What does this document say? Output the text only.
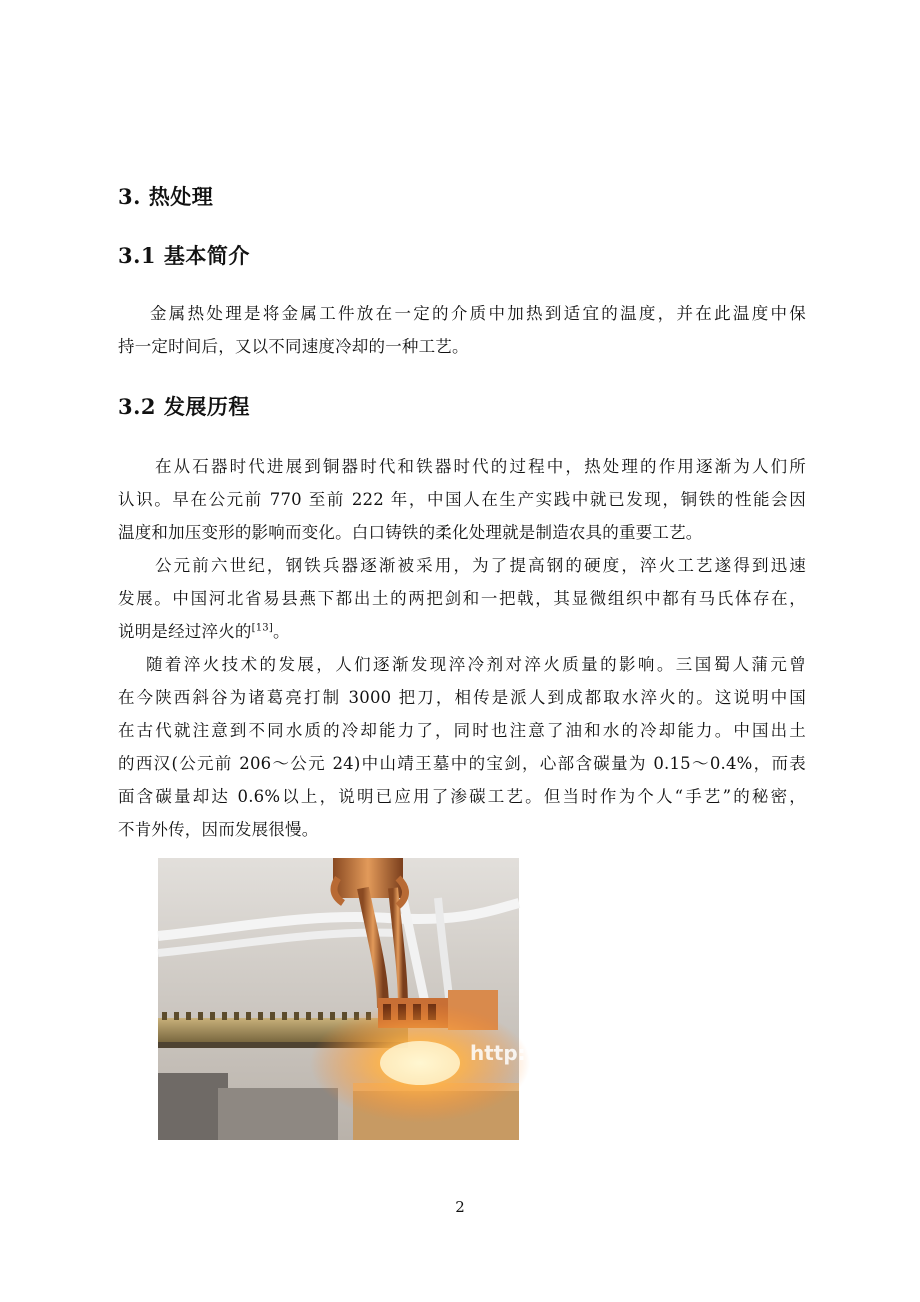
3. 热处理
3.1 基本简介
金属热处理是将金属工件放在一定的介质中加热到适宜的温度，并在此温度中保
持一定时间后，又以不同速度冷却的一种工艺。
3.2 发展历程
在从石器时代进展到铜器时代和铁器时代的过程中，热处理的作用逐渐为人们所
认识。早在公元前 770 至前 222 年，中国人在生产实践中就已发现，铜铁的性能会因
温度和加压变形的影响而变化。白口铸铁的柔化处理就是制造农具的重要工艺。
公元前六世纪，钢铁兵器逐渐被采用，为了提高钢的硬度，淬火工艺遂得到迅速
发展。中国河北省易县燕下都出土的两把剑和一把戟，其显微组织中都有马氏体存在，
说明是经过淬火的[13]。
随着淬火技术的发展，人们逐渐发现淬冷剂对淬火质量的影响。三国蜀人蒲元曾
在今陕西斜谷为诸葛亮打制 3000 把刀，相传是派人到成都取水淬火的。这说明中国
在古代就注意到不同水质的冷却能力了，同时也注意了油和水的冷却能力。中国出土
的西汉(公元前 206～公元 24)中山靖王墓中的宝剑，心部含碳量为 0.15～0.4%，而表
面含碳量却达 0.6%以上，说明已应用了渗碳工艺。但当时作为个人“手艺”的秘密，
不肯外传，因而发展很慢。
http:
2
